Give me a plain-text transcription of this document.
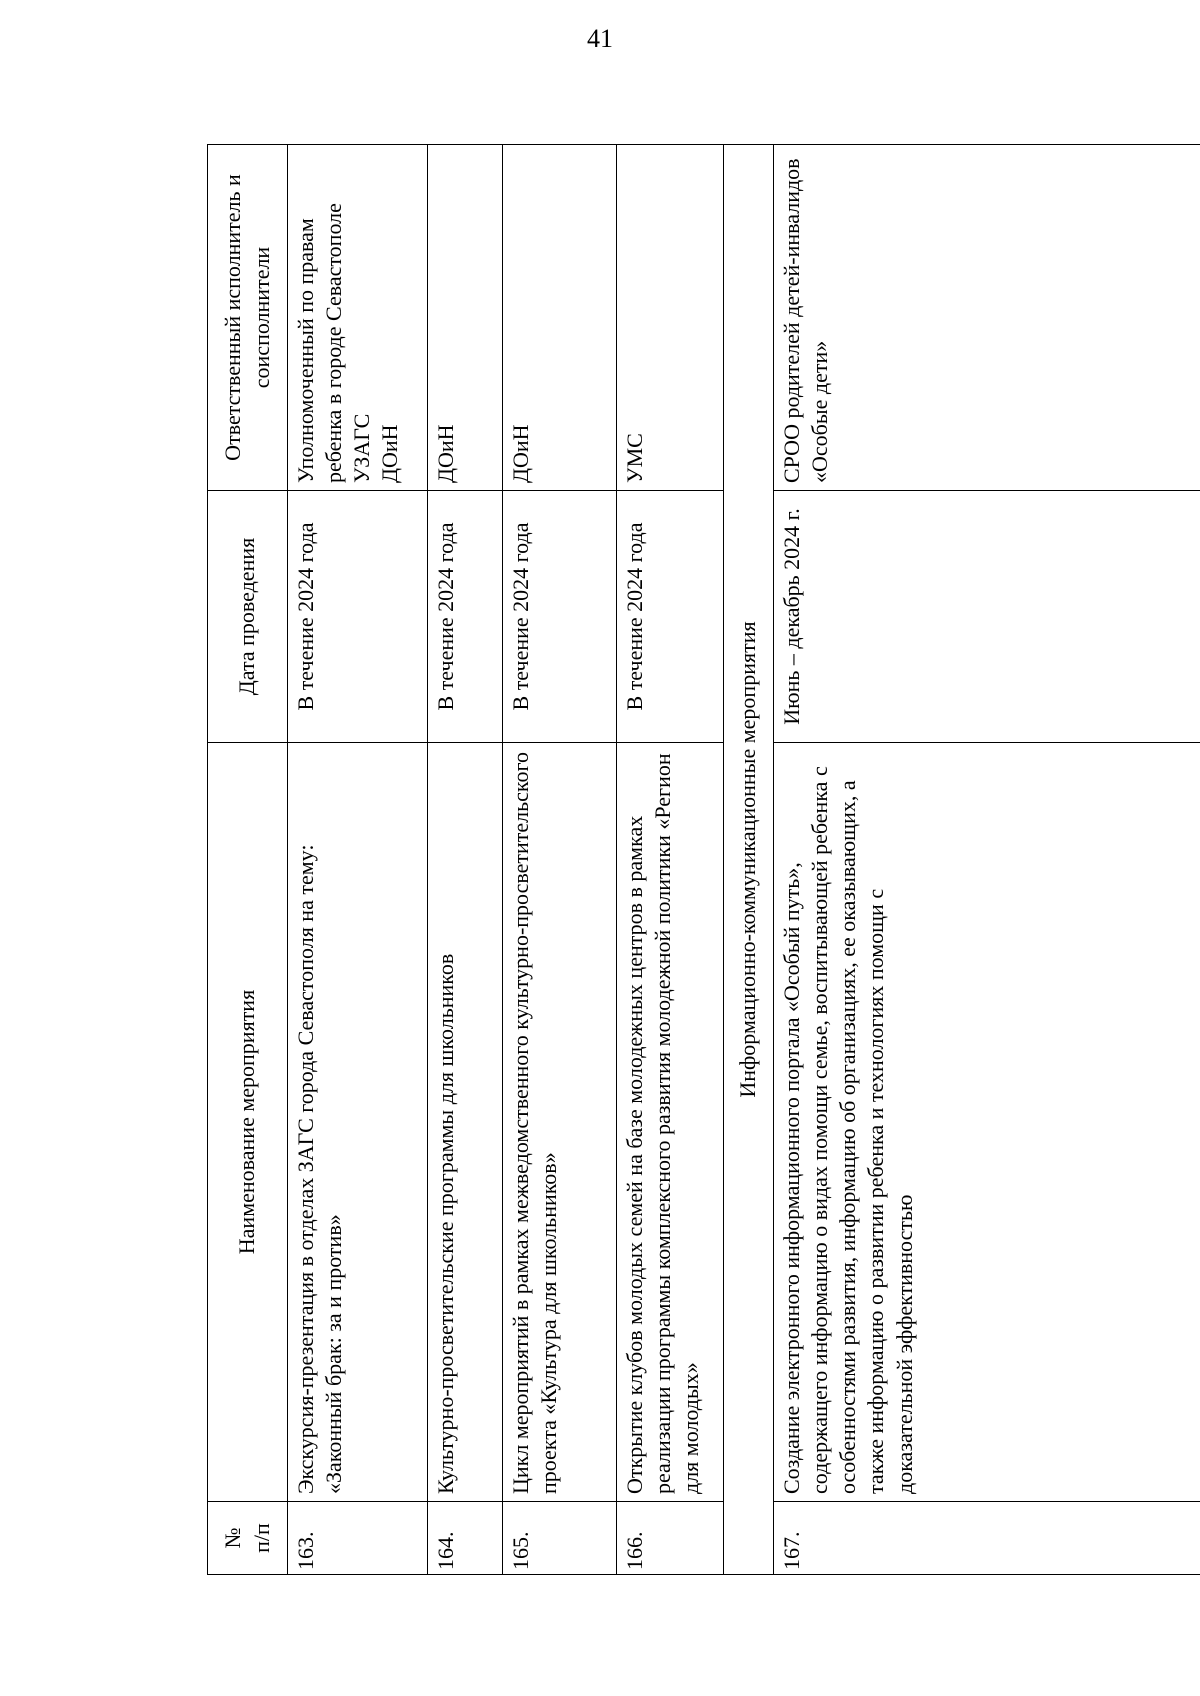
41
№
п/п	Наименование мероприятия	Дата проведения	Ответственный исполнитель и соисполнители
163.	Экскурсия-презентация в отделах ЗАГС города Севастополя на тему: «Законный брак: за и против»	В течение 2024 года	Уполномоченный по правам ребенка в городе Севастополе
УЗАГС
ДОиН
164.	Культурно-просветительские программы для школьников	В течение 2024 года	ДОиН
165.	Цикл мероприятий в рамках межведомственного культурно-просветительского проекта «Культура для школьников»	В течение 2024 года	ДОиН
166.	Открытие клубов молодых семей на базе молодежных центров в рамках реализации программы комплексного развития молодежной политики «Регион для молодых»	В течение 2024 года	УМС
Информационно-коммуникационные мероприятия			
167.	Создание электронного информационного портала «Особый путь», содержащего информацию о видах помощи семье, воспитывающей ребенка с особенностями развития, информацию об организациях, ее оказывающих, а также информацию о развитии ребенка и технологиях помощи с доказательной эффективностью	Июнь – декабрь 2024 г.	СРОО родителей детей-инвалидов «Особые дети»
